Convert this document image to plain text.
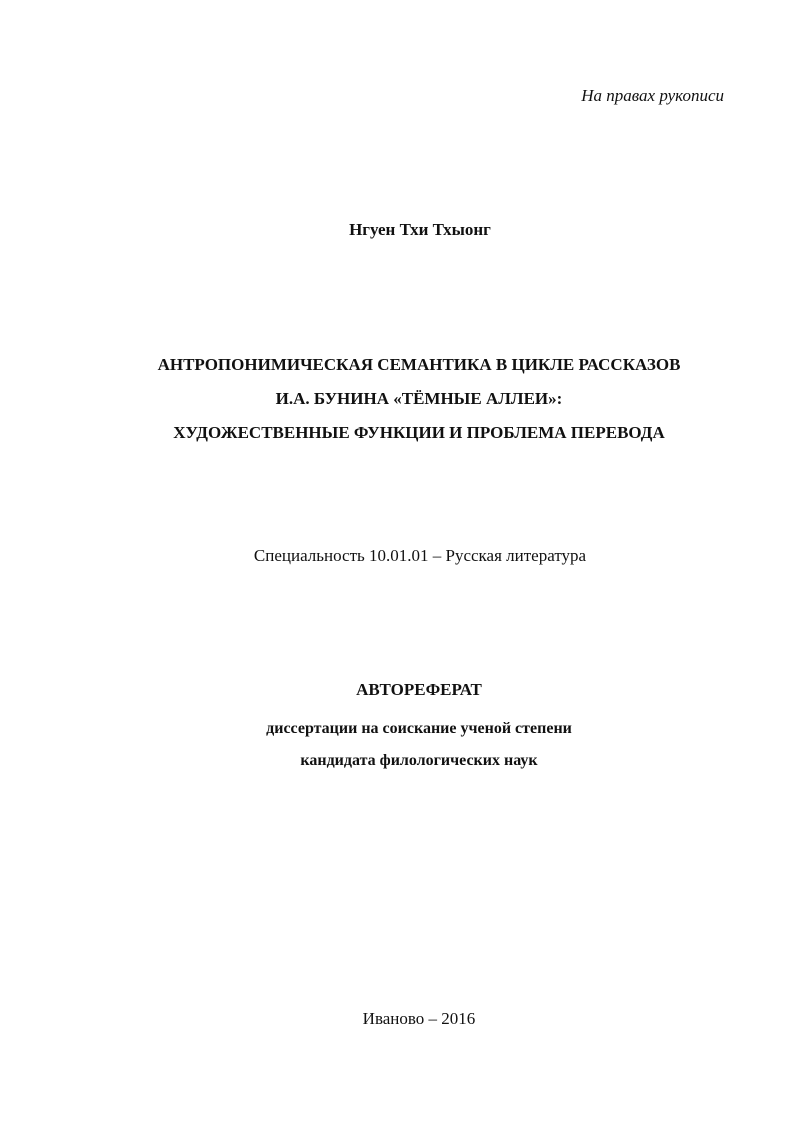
На правах рукописи

Нгуен Тхи Тхыонг

АНТРОПОНИМИЧЕСКАЯ СЕМАНТИКА В ЦИКЛЕ РАССКАЗОВ
И.А. БУНИНА «ТЁМНЫЕ АЛЛЕИ»:
ХУДОЖЕСТВЕННЫЕ ФУНКЦИИ И ПРОБЛЕМА ПЕРЕВОДА

Специальность 10.01.01 – Русская литература

АВТОРЕФЕРАТ

диссертации на соискание ученой степени
кандидата филологических наук

Иваново – 2016
